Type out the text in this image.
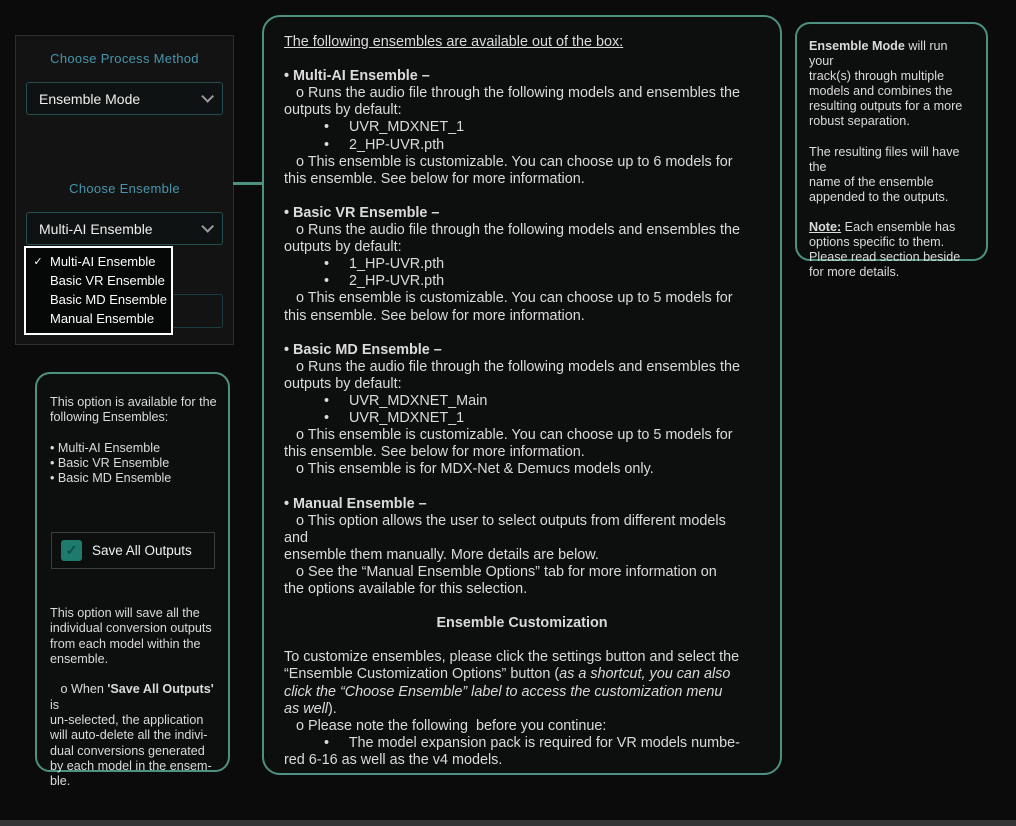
Choose Process Method
Ensemble Mode
Choose Ensemble
Multi-AI Ensemble
✓ Multi-AI Ensemble
Basic VR Ensemble
Basic MD Ensemble
Manual Ensemble
The following ensembles are available out of the box:

• Multi-AI Ensemble –
o Runs the audio file through the following models and ensembles the
outputs by default:
•     UVR_MDXNET_1
•     2_HP-UVR.pth
o This ensemble is customizable. You can choose up to 6 models for
this ensemble. See below for more information.

• Basic VR Ensemble –
o Runs the audio file through the following models and ensembles the
outputs by default:
•     1_HP-UVR.pth
•     2_HP-UVR.pth
o This ensemble is customizable. You can choose up to 5 models for
this ensemble. See below for more information.

• Basic MD Ensemble –
o Runs the audio file through the following models and ensembles the
outputs by default:
•     UVR_MDXNET_Main
•     UVR_MDXNET_1
o This ensemble is customizable. You can choose up to 5 models for
this ensemble. See below for more information.
o This ensemble is for MDX-Net & Demucs models only.

• Manual Ensemble –
o This option allows the user to select outputs from different models
and
ensemble them manually. More details are below.
o See the “Manual Ensemble Options” tab for more information on
the options available for this selection.

Ensemble Customization

To customize ensembles, please click the settings button and select the
“Ensemble Customization Options” button (as a shortcut, you can also
click the “Choose Ensemble” label to access the customization menu
as well).
o Please note the following  before you continue:
•     The model expansion pack is required for VR models numbe-
red 6-16 as well as the v4 models.
Ensemble Mode will run your
track(s) through multiple
models and combines the
resulting outputs for a more
robust separation.

The resulting files will have the
name of the ensemble
appended to the outputs.

Note: Each ensemble has
options specific to them.
Please read section beside
for more details.
This option is available for the
following Ensembles:

• Multi-AI Ensemble
• Basic VR Ensemble
• Basic MD Ensemble
✓ Save All Outputs
This option will save all the
individual conversion outputs
from each model within the
ensemble.

o When 'Save All Outputs' is
un-selected, the application
will auto-delete all the indivi-
dual conversions generated
by each model in the ensem-
ble.
